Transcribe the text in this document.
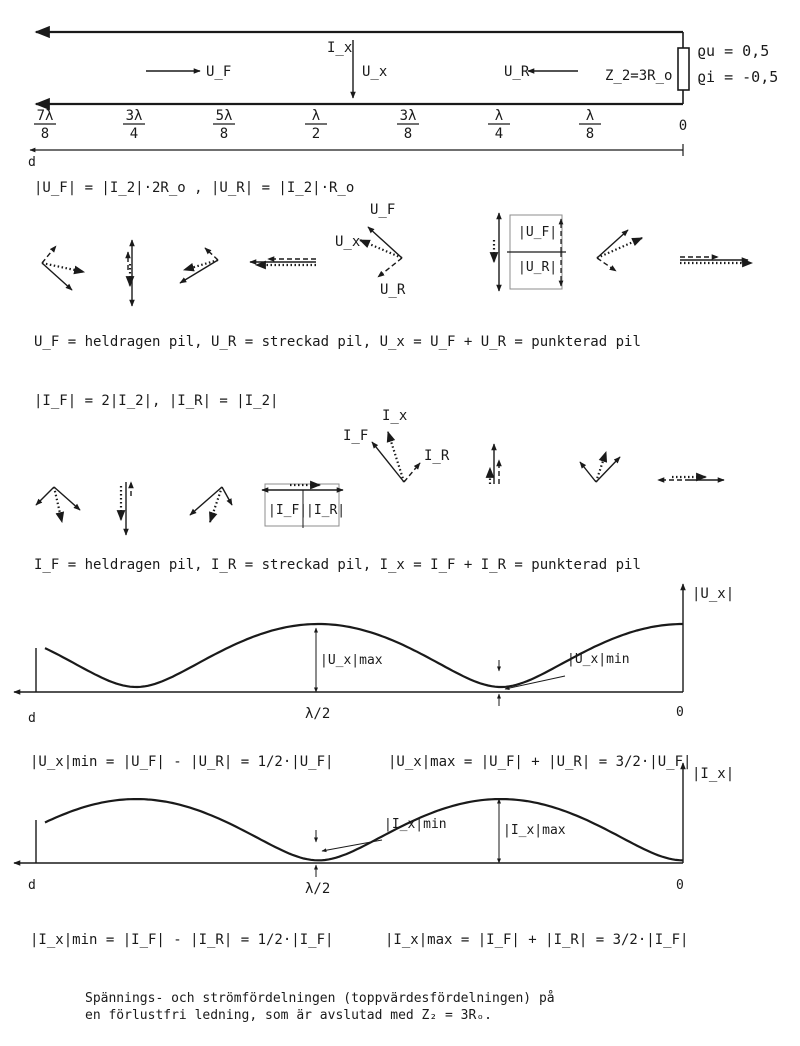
U_F
I_x
U_x	U_R	Z_2=3R_o
ϱu = 0,5
ϱi = -0,5
7λ
8
3λ
4
5λ
8
λ
2
3λ
8
λ
4
λ
8	0
d
|U_F| = |I_2|·2R_o , |U_R| = |I_2|·R_o
U_F
U_x
U_R
|U_F|
|U_R|
U_F = heldragen pil, U_R = streckad pil, U_x = U_F + U_R = punkterad pil
|I_F| = 2|I_2|, |I_R| = |I_2|
|I_F|
|I_R|
I_F
I_x
I_R
I_F = heldragen pil, I_R = streckad pil, I_x = I_F + I_R = punkterad pil
|U_x|
|U_x|max	|U_x|min
d	0
λ/2
|U_x|min = |U_F| - |U_R| = 1/2·|U_F|	|U_x|max = |U_F| + |U_R| = 3/2·|U_F|
|I_x|
|I_x|max
|I_x|min
d	0
λ/2
|I_x|min = |I_F| - |I_R| = 1/2·|I_F|	|I_x|max = |I_F| + |I_R| = 3/2·|I_F|
Spännings- och strömfördelningen (toppvärdesfördelningen) på
en förlustfri ledning, som är avslutad med Z₂ = 3Rₒ.
